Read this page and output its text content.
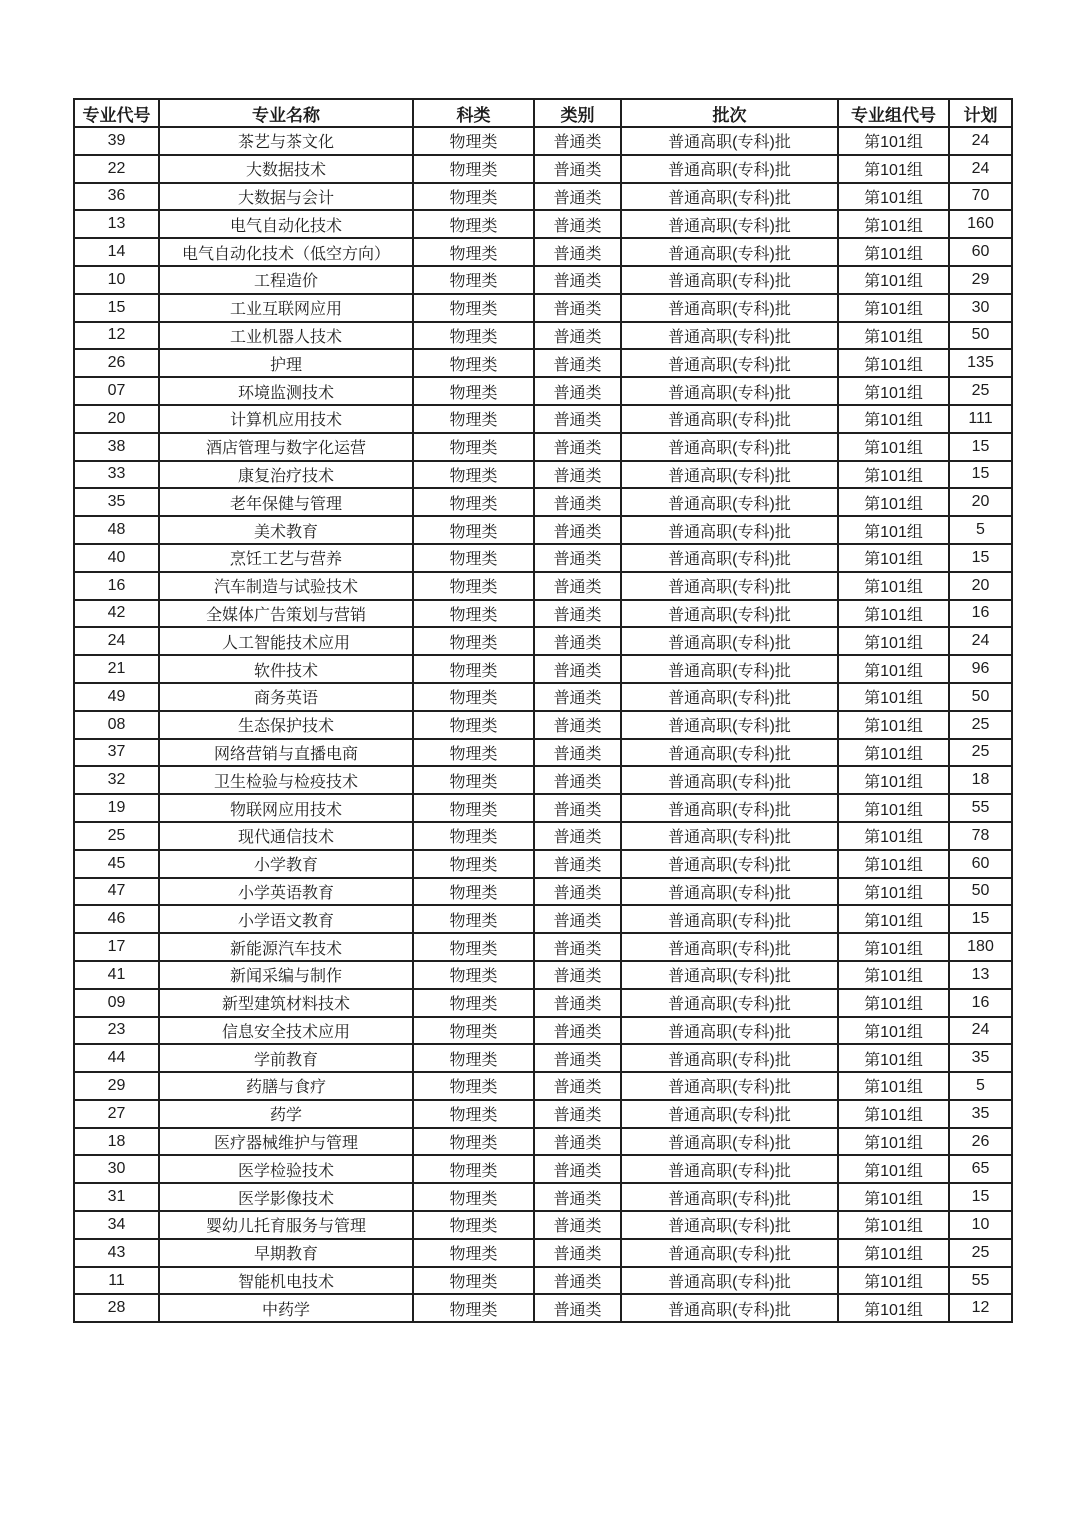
专业代号	专业名称	科类	类别	批次	专业组代号	计划
39	茶艺与茶文化	物理类	普通类	普通高职(专科)批	第101组	24
22	大数据技术	物理类	普通类	普通高职(专科)批	第101组	24
36	大数据与会计	物理类	普通类	普通高职(专科)批	第101组	70
13	电气自动化技术	物理类	普通类	普通高职(专科)批	第101组	160
14	电气自动化技术（低空方向）	物理类	普通类	普通高职(专科)批	第101组	60
10	工程造价	物理类	普通类	普通高职(专科)批	第101组	29
15	工业互联网应用	物理类	普通类	普通高职(专科)批	第101组	30
12	工业机器人技术	物理类	普通类	普通高职(专科)批	第101组	50
26	护理	物理类	普通类	普通高职(专科)批	第101组	135
07	环境监测技术	物理类	普通类	普通高职(专科)批	第101组	25
20	计算机应用技术	物理类	普通类	普通高职(专科)批	第101组	111
38	酒店管理与数字化运营	物理类	普通类	普通高职(专科)批	第101组	15
33	康复治疗技术	物理类	普通类	普通高职(专科)批	第101组	15
35	老年保健与管理	物理类	普通类	普通高职(专科)批	第101组	20
48	美术教育	物理类	普通类	普通高职(专科)批	第101组	5
40	烹饪工艺与营养	物理类	普通类	普通高职(专科)批	第101组	15
16	汽车制造与试验技术	物理类	普通类	普通高职(专科)批	第101组	20
42	全媒体广告策划与营销	物理类	普通类	普通高职(专科)批	第101组	16
24	人工智能技术应用	物理类	普通类	普通高职(专科)批	第101组	24
21	软件技术	物理类	普通类	普通高职(专科)批	第101组	96
49	商务英语	物理类	普通类	普通高职(专科)批	第101组	50
08	生态保护技术	物理类	普通类	普通高职(专科)批	第101组	25
37	网络营销与直播电商	物理类	普通类	普通高职(专科)批	第101组	25
32	卫生检验与检疫技术	物理类	普通类	普通高职(专科)批	第101组	18
19	物联网应用技术	物理类	普通类	普通高职(专科)批	第101组	55
25	现代通信技术	物理类	普通类	普通高职(专科)批	第101组	78
45	小学教育	物理类	普通类	普通高职(专科)批	第101组	60
47	小学英语教育	物理类	普通类	普通高职(专科)批	第101组	50
46	小学语文教育	物理类	普通类	普通高职(专科)批	第101组	15
17	新能源汽车技术	物理类	普通类	普通高职(专科)批	第101组	180
41	新闻采编与制作	物理类	普通类	普通高职(专科)批	第101组	13
09	新型建筑材料技术	物理类	普通类	普通高职(专科)批	第101组	16
23	信息安全技术应用	物理类	普通类	普通高职(专科)批	第101组	24
44	学前教育	物理类	普通类	普通高职(专科)批	第101组	35
29	药膳与食疗	物理类	普通类	普通高职(专科)批	第101组	5
27	药学	物理类	普通类	普通高职(专科)批	第101组	35
18	医疗器械维护与管理	物理类	普通类	普通高职(专科)批	第101组	26
30	医学检验技术	物理类	普通类	普通高职(专科)批	第101组	65
31	医学影像技术	物理类	普通类	普通高职(专科)批	第101组	15
34	婴幼儿托育服务与管理	物理类	普通类	普通高职(专科)批	第101组	10
43	早期教育	物理类	普通类	普通高职(专科)批	第101组	25
11	智能机电技术	物理类	普通类	普通高职(专科)批	第101组	55
28	中药学	物理类	普通类	普通高职(专科)批	第101组	12
